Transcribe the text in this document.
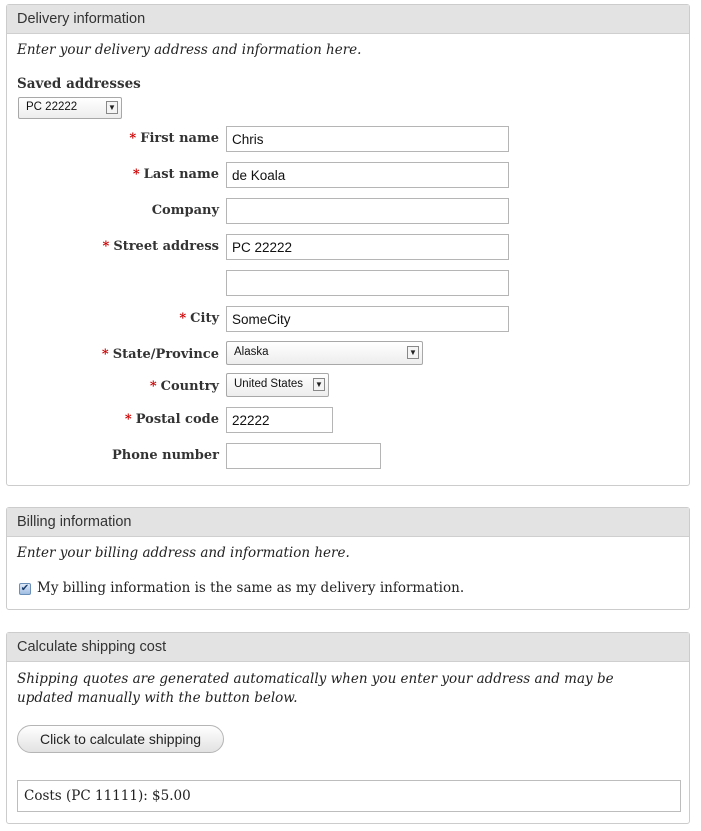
Delivery information
Enter your delivery address and information here.
Saved addresses
PC 22222	▼
* First name
Chris
* Last name
de Koala
Company
* Street address
PC 22222
* City
SomeCity
* State/Province Alaska	▼
* Country United States ▼
* Postal code
22222
Phone number
Billing information
Enter your billing address and information here.
✔ My billing information is the same as my delivery information.
Calculate shipping cost
Shipping quotes are generated automatically when you enter your address and may be updated manually with the button below.
Click to calculate shipping
Costs (PC 11111): $5.00
